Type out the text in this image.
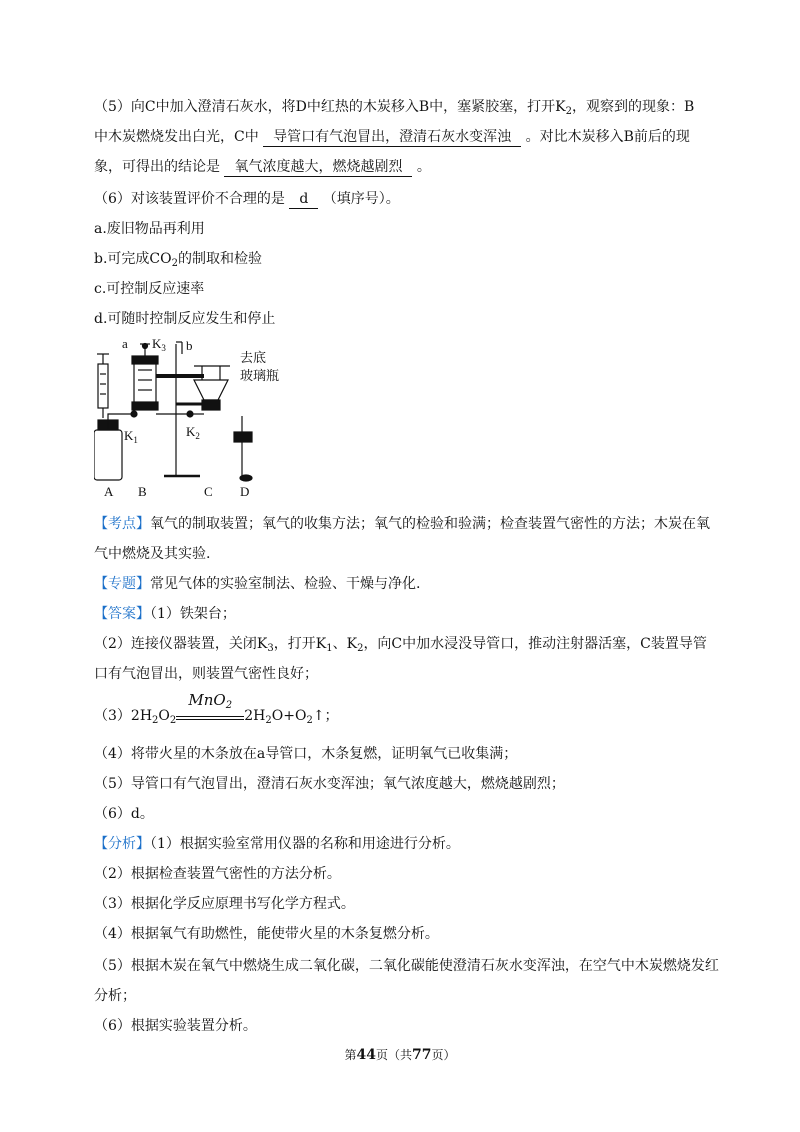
（5）向C中加入澄清石灰水，将D中红热的木炭移入B中，塞紧胶塞，打开$K_2$，观察到的现象：B
中木炭燃烧发出白光，C中 导管口有气泡冒出，澄清石灰水变浑浊 。对比木炭移入B前后的现
象，可得出的结论是 氧气浓度越大，燃烧越剧烈 。
（6）对该装置评价不合理的是 d （填序号）。
a.废旧物品再利用
b.可完成$CO_2$的制取和检验
c.可控制反应速率
d.可随时控制反应发生和停止
a $K_3$ b
去底
玻璃瓶
$K_1$
$K_2$
A B	C D
【考点】氧气的制取装置；氧气的收集方法；氧气的检验和验满；检查装置气密性的方法；木炭在氧
气中燃烧及其实验.
【专题】常见气体的实验室制法、检验、干燥与净化.
【答案】（1）铁架台；
（2）连接仪器装置，关闭$K_3$，打开$K_1$、$K_2$，向C中加水浸没导管口，推动注射器活塞，C装置导管
口有气泡冒出，则装置气密性良好；
$(3)2H_2O_2$
MnO$_2$
$2H_2O+O_2↑$；
（4）将带火星的木条放在a导管口，木条复燃，证明氧气已收集满；
（5）导管口有气泡冒出，澄清石灰水变浑浊；氧气浓度越大，燃烧越剧烈；
（6）d。
【分析】（1）根据实验室常用仪器的名称和用途进行分析。
（2）根据检查装置气密性的方法分析。
（3）根据化学反应原理书写化学方程式。
（4）根据氧气有助燃性，能使带火星的木条复燃分析。
（5）根据木炭在氧气中燃烧生成二氧化碳，二氧化碳能使澄清石灰水变浑浊，在空气中木炭燃烧发红
分析；
（6）根据实验装置分析。
第44页（共77页）
